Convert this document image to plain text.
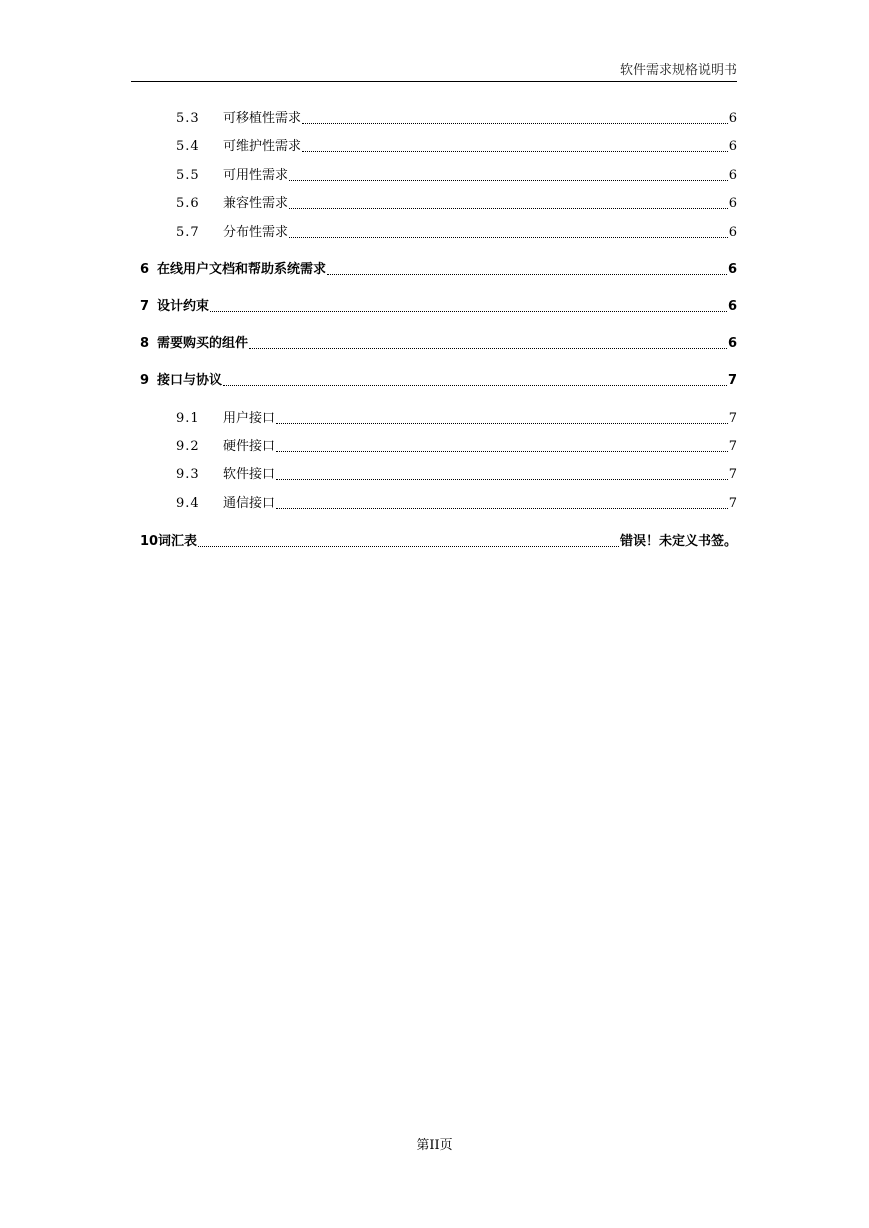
软件需求规格说明书
5.3	可移植性需求	6
5.4	可维护性需求	6
5.5	可用性需求	6
5.6	兼容性需求	6
5.7	分布性需求	6
6 在线用户文档和帮助系统需求	6
7 设计约束	6
8 需要购买的组件	6
9 接口与协议	7
9.1	用户接口	7
9.2	硬件接口	7
9.3	软件接口	7
9.4	通信接口	7
10 词汇表	错误！未定义书签。
第II页
